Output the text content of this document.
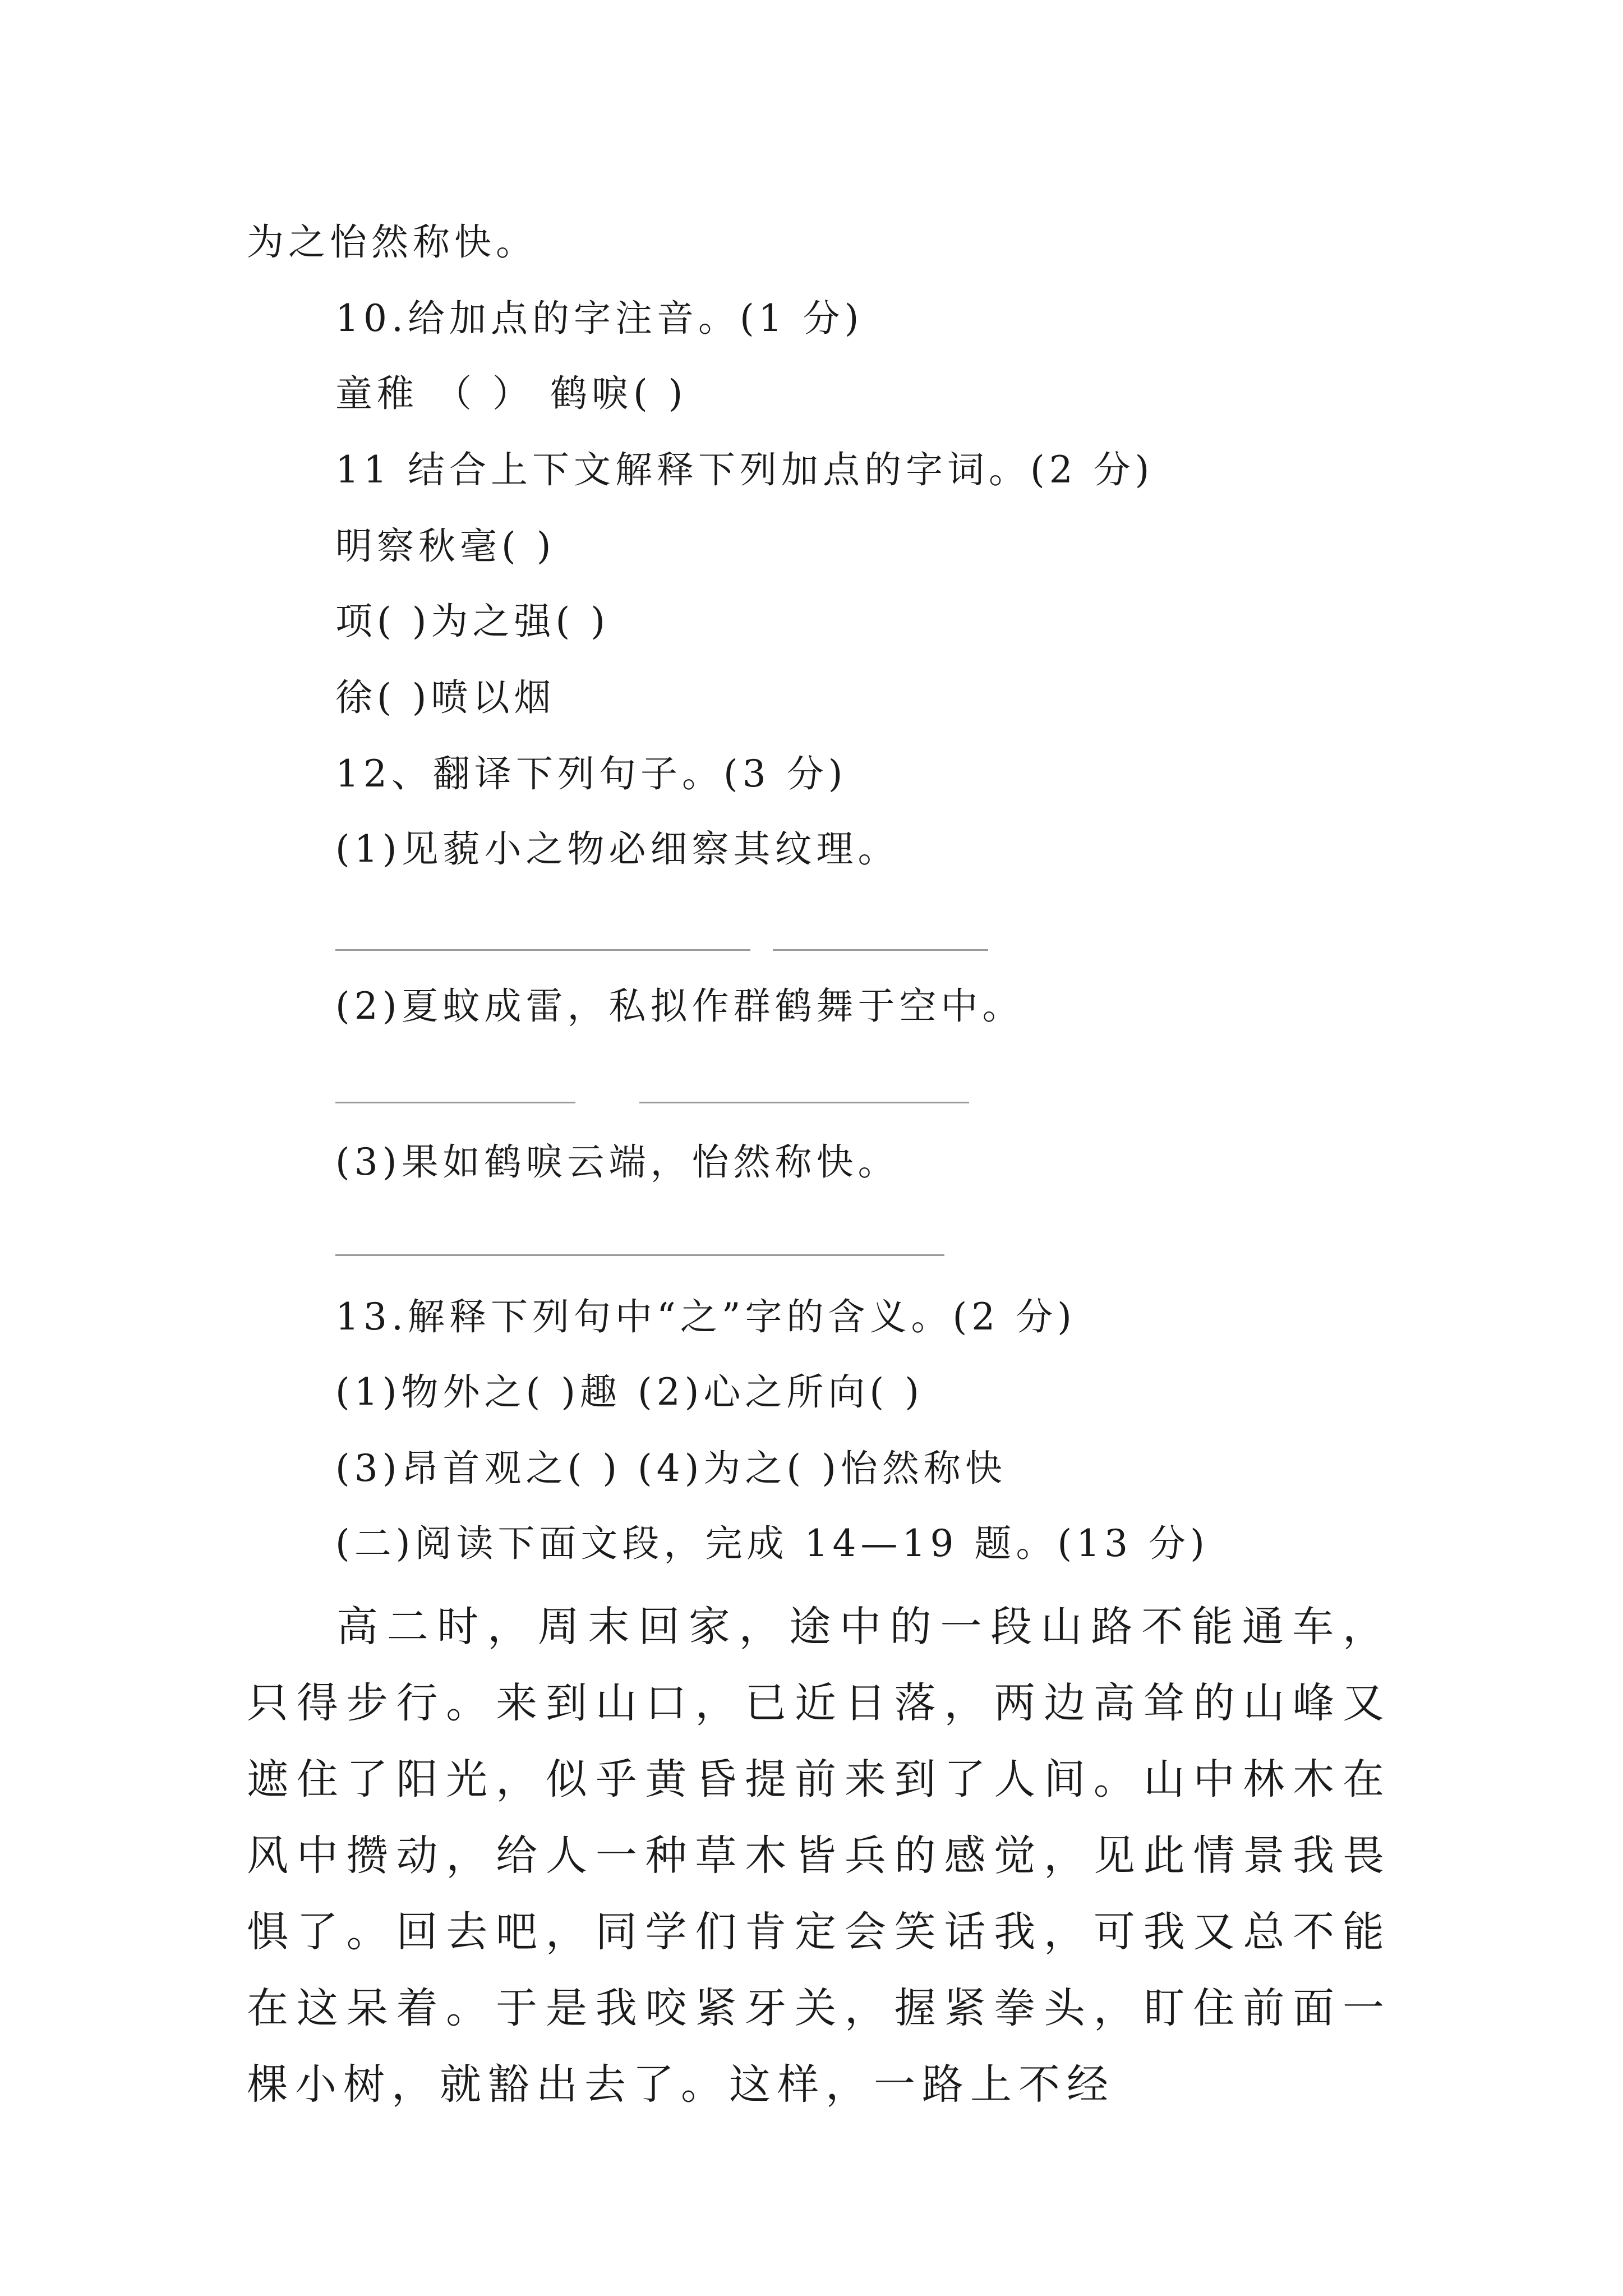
为之怡然称快。
10.给加点的字注音。(1 分)
童稚 （ ） 鹤唳( )
11 结合上下文解释下列加点的字词。(2 分)
明察秋毫( )
项( )为之强( )
徐( )喷以烟
12、翻译下列句子。(3 分)
(1)见藐小之物必细察其纹理。
(2)夏蚊成雷，私拟作群鹤舞于空中。
(3)果如鹤唳云端，怡然称快。
13.解释下列句中“之”字的含义。(2 分)
(1)物外之( )趣 (2)心之所向( )
(3)昂首观之( ) (4)为之( )怡然称快
(二)阅读下面文段，完成 14—19 题。(13 分)

高二时，周末回家，途中的一段山路不能通车，只得步行。来到山口，已近日落，两边高耸的山峰又遮住了阳光，似乎黄昏提前来到了人间。山中林木在风中攒动，给人一种草木皆兵的感觉，见此情景我畏惧了。回去吧，同学们肯定会笑话我，可我又总不能在这呆着。于是我咬紧牙关，握紧拳头，盯住前面一棵小树，就豁出去了。这样，一路上不经
